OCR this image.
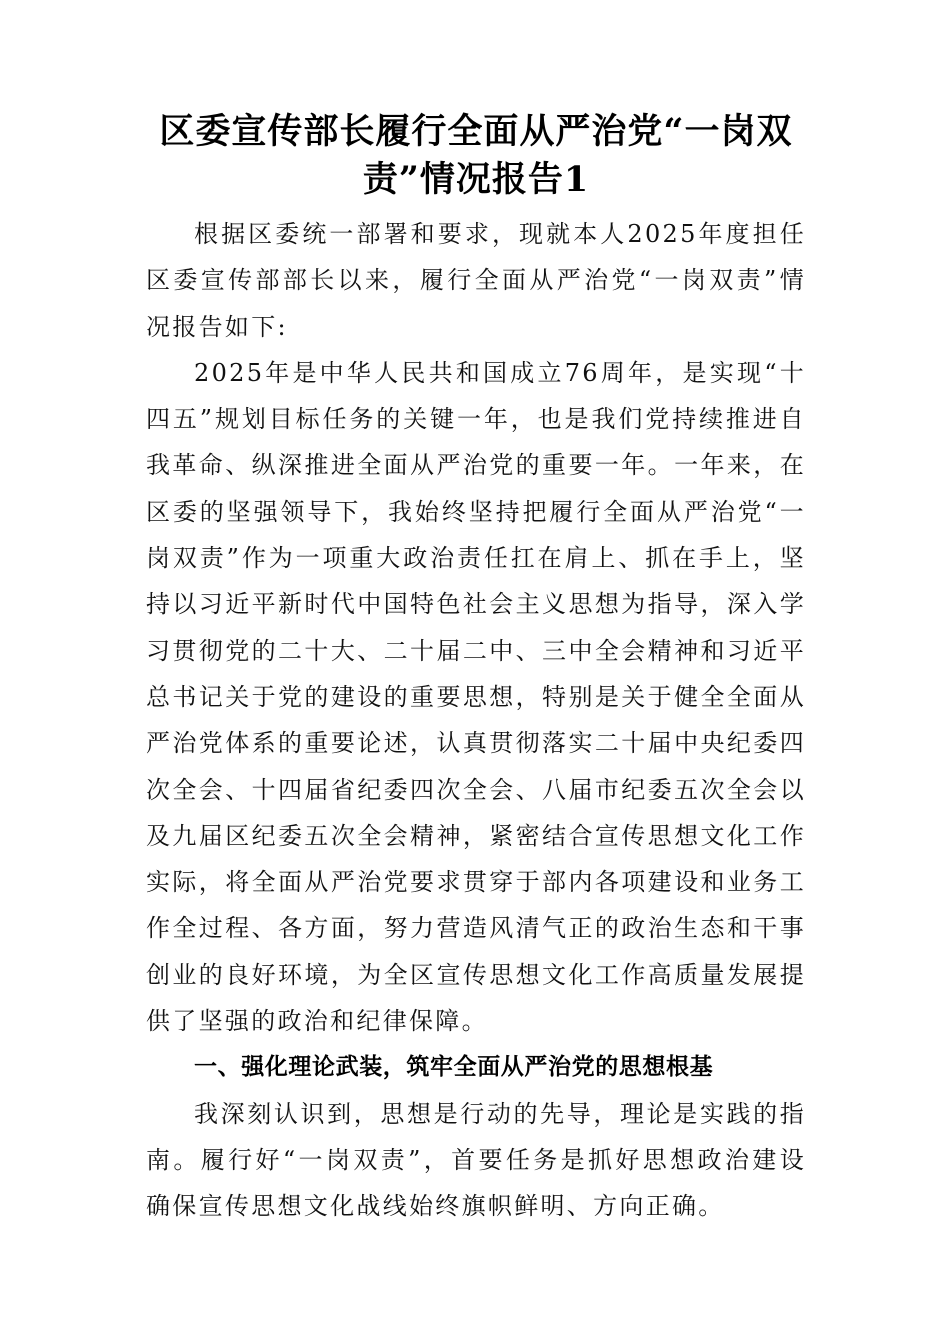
区委宣传部长履行全面从严治党“一岗双责”情况报告1

根据区委统一部署和要求，现就本人2025年度担任区委宣传部部长以来，履行全面从严治党“一岗双责”情况报告如下:

2025年是中华人民共和国成立76周年，是实现“十四五”规划目标任务的关键一年，也是我们党持续推进自我革命、纵深推进全面从严治党的重要一年。一年来，在区委的坚强领导下，我始终坚持把履行全面从严治党“一岗双责”作为一项重大政治责任扛在肩上、抓在手上，坚持以习近平新时代中国特色社会主义思想为指导，深入学习贯彻党的二十大、二十届二中、三中全会精神和习近平总书记关于党的建设的重要思想，特别是关于健全全面从严治党体系的重要论述，认真贯彻落实二十届中央纪委四次全会、十四届省纪委四次全会、八届市纪委五次全会以及九届区纪委五次全会精神，紧密结合宣传思想文化工作实际，将全面从严治党要求贯穿于部内各项建设和业务工作全过程、各方面，努力营造风清气正的政治生态和干事创业的良好环境，为全区宣传思想文化工作高质量发展提供了坚强的政治和纪律保障。

一、强化理论武装，筑牢全面从严治党的思想根基

我深刻认识到，思想是行动的先导，理论是实践的指南。履行好“一岗双责”，首要任务是抓好思想政治建设确保宣传思想文化战线始终旗帜鲜明、方向正确。
